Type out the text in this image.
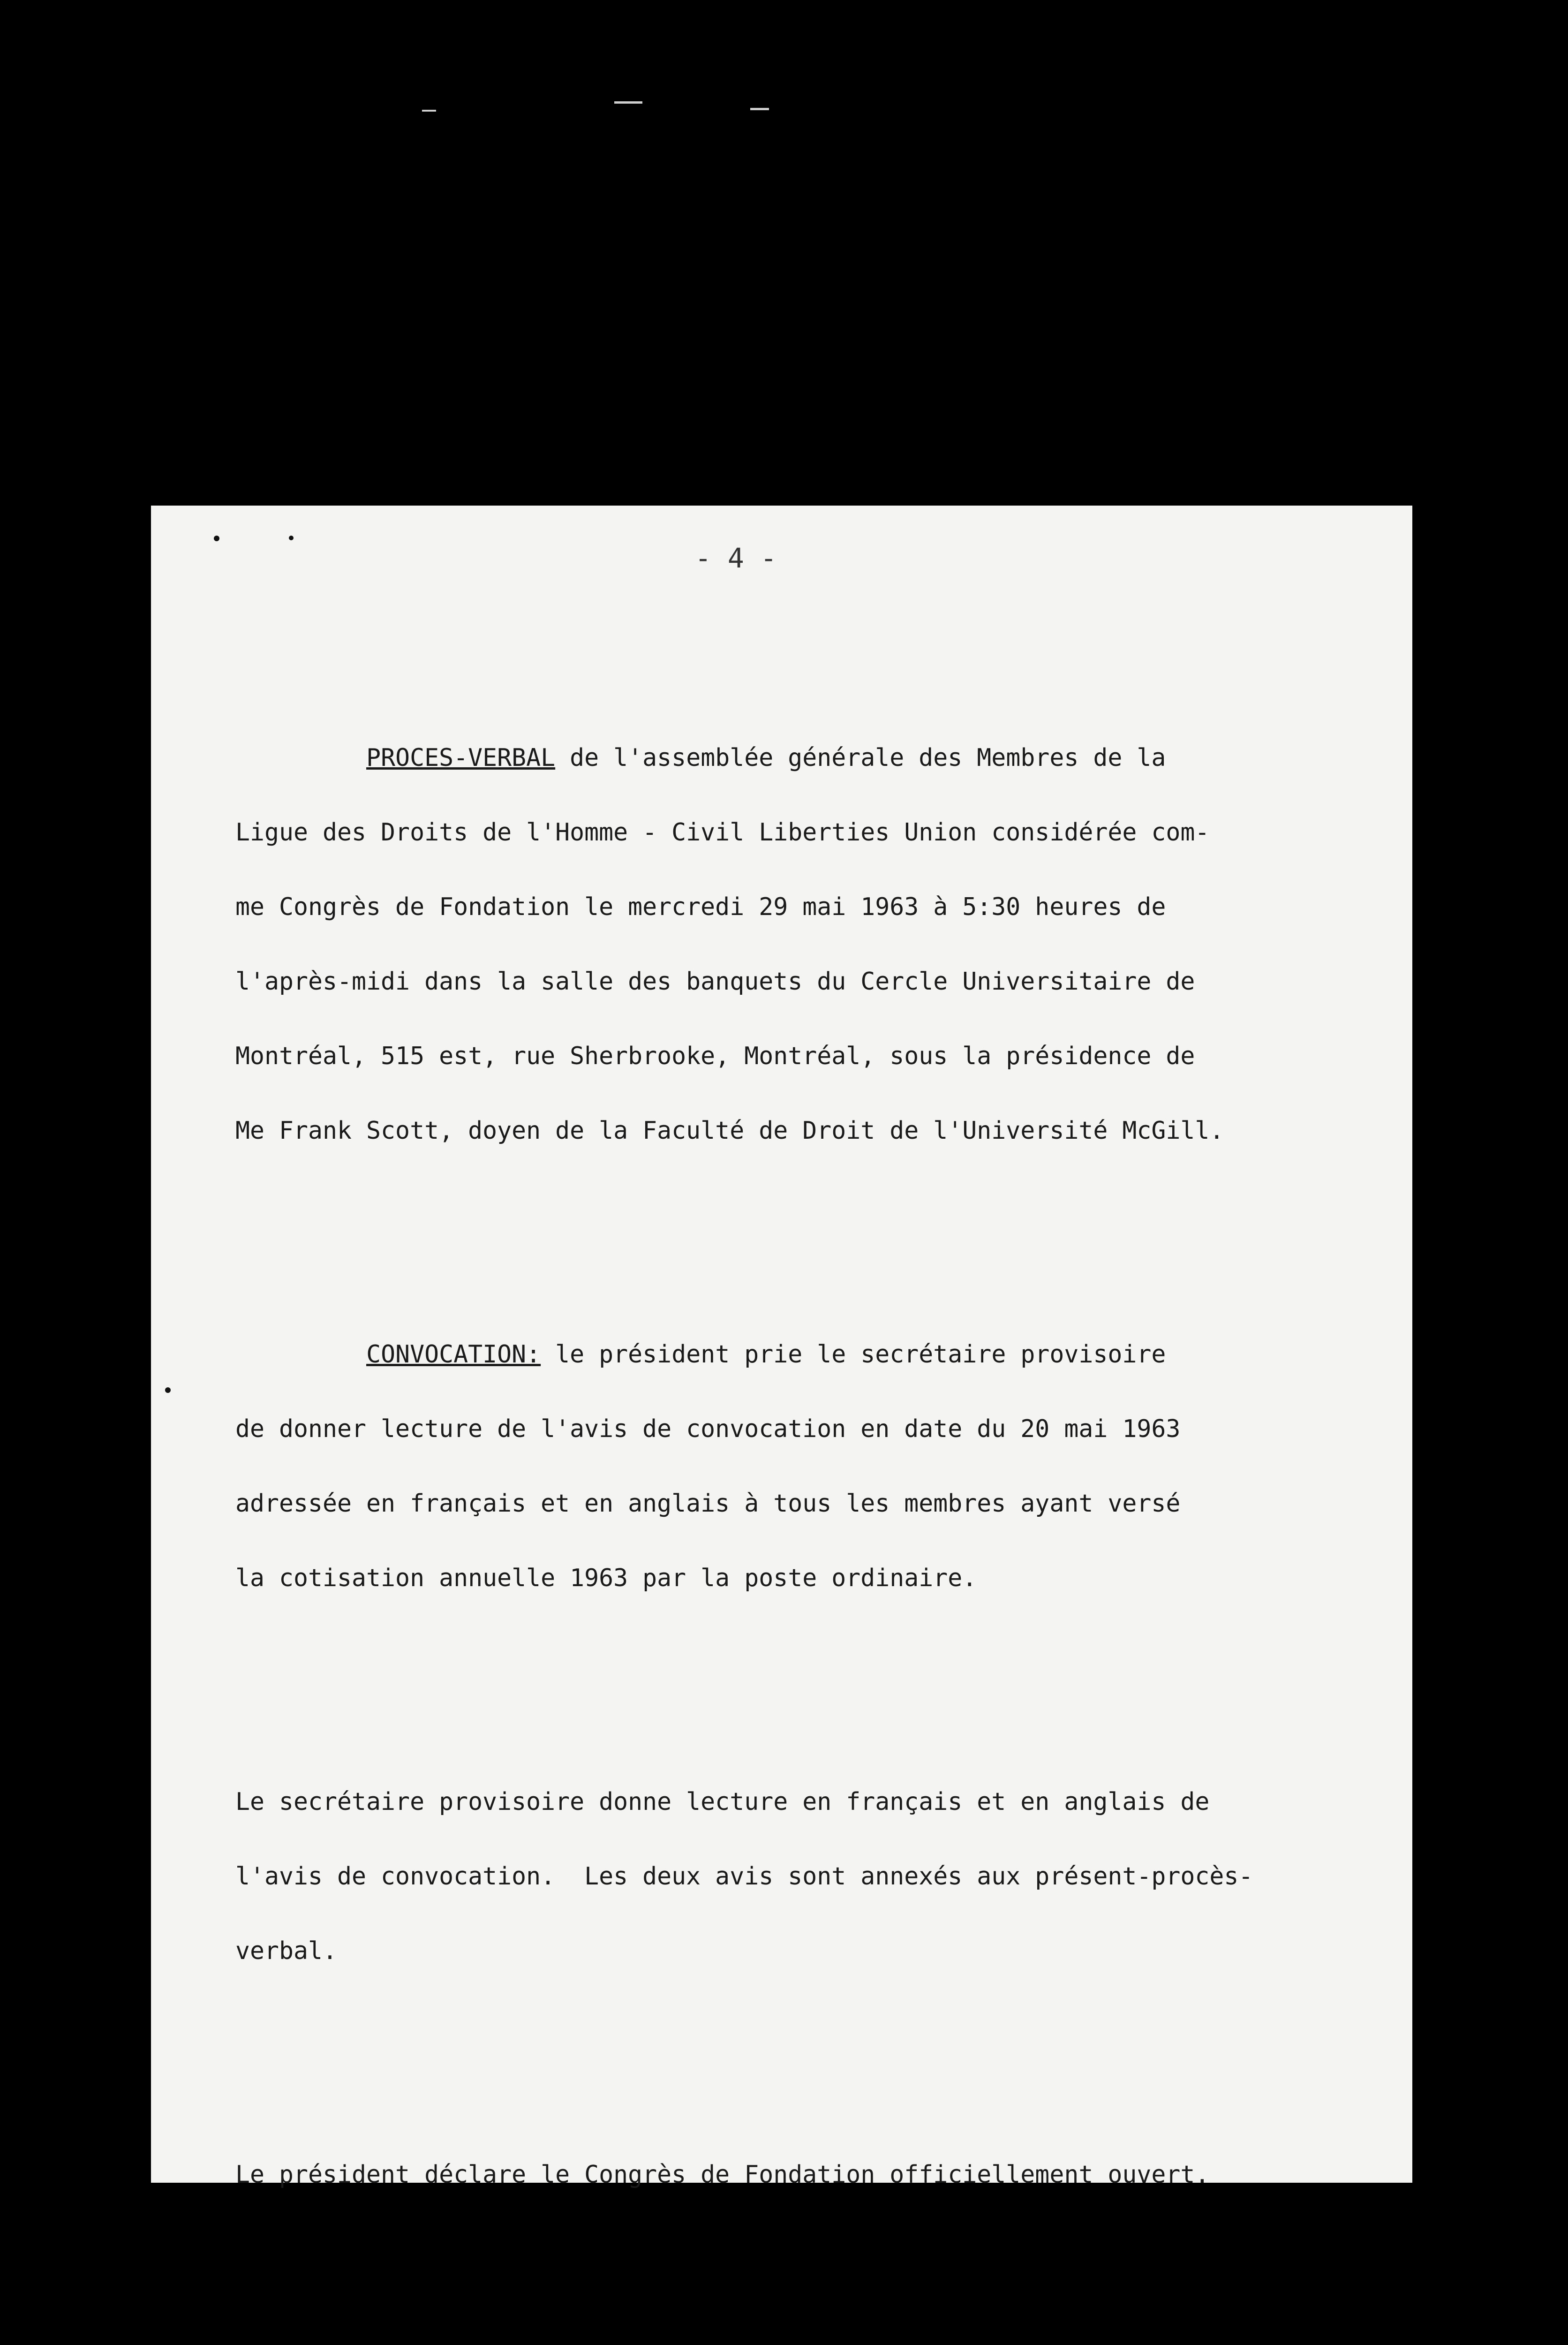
- 4 -

PROCES-VERBAL de l'assemblée générale des Membres de la

Ligue des Droits de l'Homme - Civil Liberties Union considérée com-

me Congrès de Fondation le mercredi 29 mai 1963 à 5:30 heures de

l'après-midi dans la salle des banquets du Cercle Universitaire de

Montréal, 515 est, rue Sherbrooke, Montréal, sous la présidence de

Me Frank Scott, doyen de la Faculté de Droit de l'Université McGill.

CONVOCATION: le président prie le secrétaire provisoire

de donner lecture de l'avis de convocation en date du 20 mai 1963

adressée en français et en anglais à tous les membres ayant versé

la cotisation annuelle 1963 par la poste ordinaire.

Le secrétaire provisoire donne lecture en français et en anglais de

l'avis de convocation.  Les deux avis sont annexés aux présent-procès-

verbal.

Le président déclare le Congrès de Fondation officiellement ouvert.
